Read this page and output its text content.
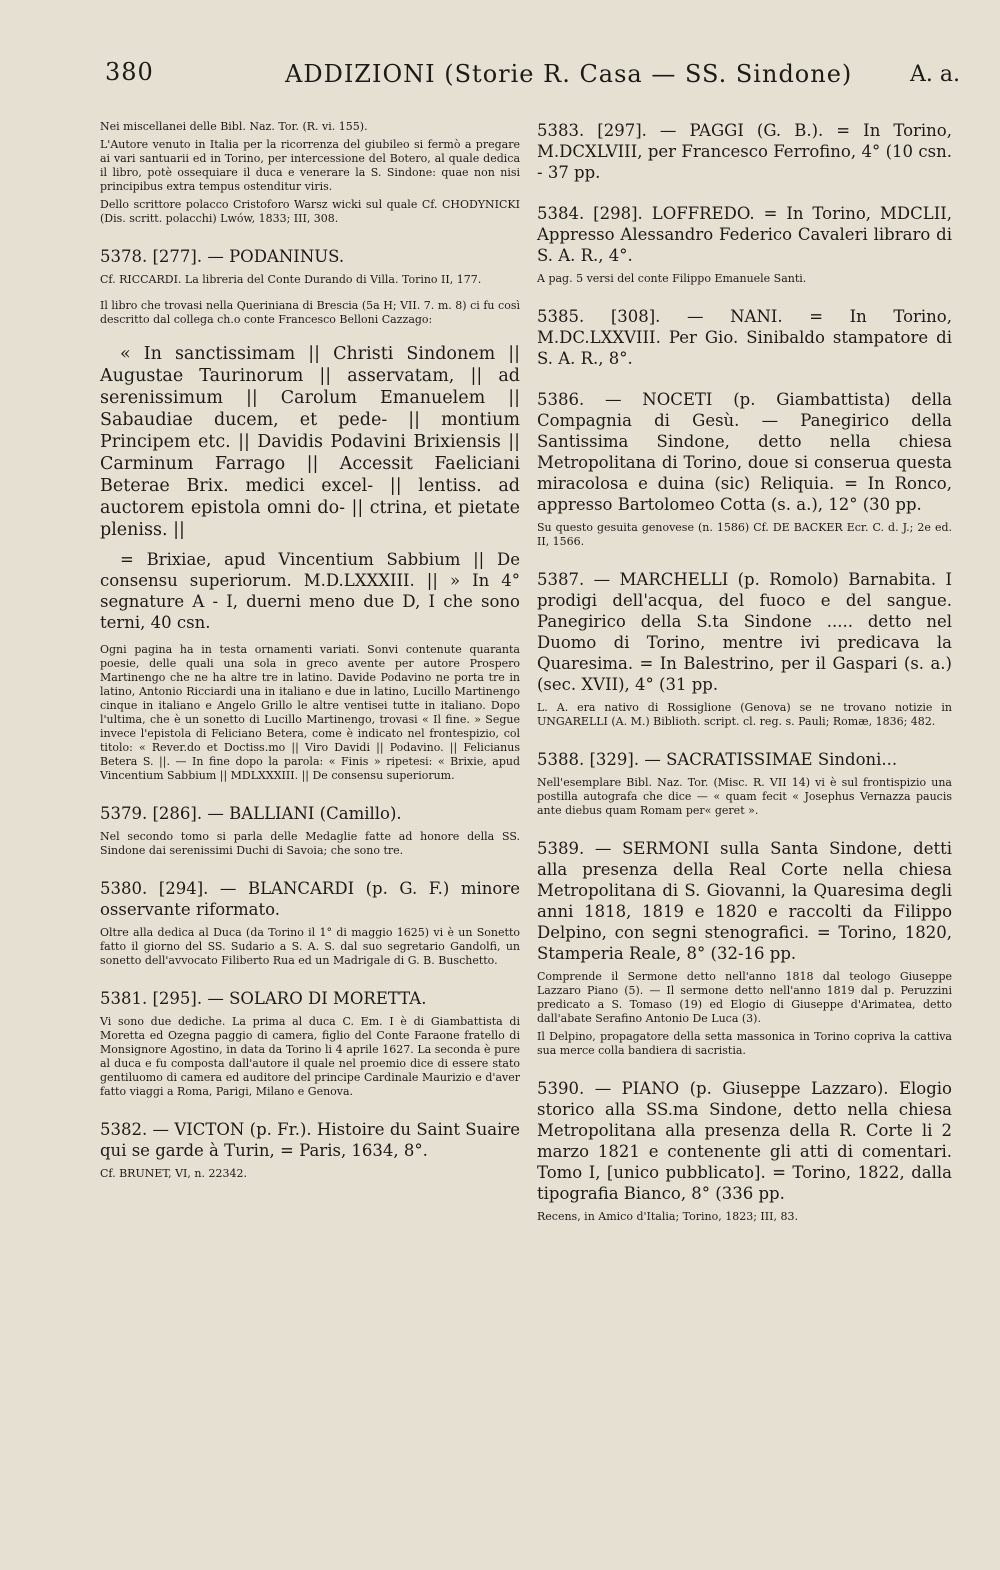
380	ADDIZIONI (Storie R. Casa — SS. Sindone)	A. a.

Nei miscellanei delle Bibl. Naz. Tor. (R. vi. 155).

L'Autore venuto in Italia per la ricorrenza del giubileo si fermò a pregare ai vari santuarii ed in Torino, per intercessione del Botero, al quale dedica il libro, potè ossequiare il duca e venerare la S. Sindone: quae non nisi principibus extra tempus ostenditur viris.

Dello scrittore polacco Cristoforo Warsz wicki sul quale Cf. CHODYNICKI (Dis. scritt. polacchi) Lwów, 1833; III, 308.

5378. [277]. — PODANINUS.

Cf. RICCARDI. La libreria del Conte Durando di Villa. Torino II, 177.

Il libro che trovasi nella Queriniana di Brescia (5a H; VII. 7. m. 8) ci fu così descritto dal collega ch.o conte Francesco Belloni Cazzago:

« In sanctissimam || Christi Sindonem || Augustae Taurinorum || asservatam, || ad serenissimum || Carolum Emanuelem || Sabaudiae ducem, et pede- || montium Principem etc. || Davidis Podavini Brixiensis || Carminum Farrago || Accessit Faeliciani Beterae Brix. medici excel- || lentiss. ad auctorem epistola omni do- || ctrina, et pietate pleniss. ||

= Brixiae, apud Vincentium Sabbium || De consensu superiorum. M.D.LXXXIII. || » In 4° segnature A - I, duerni meno due D, I che sono terni, 40 csn.

Ogni pagina ha in testa ornamenti variati. Sonvi contenute quaranta poesie, delle quali una sola in greco avente per autore Prospero Martinengo che ne ha altre tre in latino. Davide Podavino ne porta tre in latino, Antonio Ricciardi una in italiano e due in latino, Lucillo Martinengo cinque in italiano e Angelo Grillo le altre ventisei tutte in italiano. Dopo l'ultima, che è un sonetto di Lucillo Martinengo, trovasi « Il fine. » Segue invece l'epistola di Feliciano Betera, come è indicato nel frontespizio, col titolo: « Rever.do et Doctiss.mo || Viro Davidi || Podavino. || Felicianus Betera S. ||. — In fine dopo la parola: « Finis » ripetesi: « Brixie, apud Vincentium Sabbium || MDLXXXIII. || De consensu superiorum.

5379. [286]. — BALLIANI (Camillo).

Nel secondo tomo si parla delle Medaglie fatte ad honore della SS. Sindone dai serenissimi Duchi di Savoia; che sono tre.

5380. [294]. — BLANCARDI (p. G. F.) minore osservante riformato.

Oltre alla dedica al Duca (da Torino il 1° di maggio 1625) vi è un Sonetto fatto il giorno del SS. Sudario a S. A. S. dal suo segretario Gandolfi, un sonetto dell'avvocato Filiberto Rua ed un Madrigale di G. B. Buschetto.

5381. [295]. — SOLARO DI MORETTA.

Vi sono due dediche. La prima al duca C. Em. I è di Giambattista di Moretta ed Ozegna paggio di camera, figlio del Conte Faraone fratello di Monsignore Agostino, in data da Torino li 4 aprile 1627. La seconda è pure al duca e fu composta dall'autore il quale nel proemio dice di essere stato gentiluomo di camera ed auditore del principe Cardinale Maurizio e d'aver fatto viaggi a Roma, Parigi, Milano e Genova.

5382. — VICTON (p. Fr.). Histoire du Saint Suaire qui se garde à Turin, = Paris, 1634, 8°.

Cf. BRUNET, VI, n. 22342.

5383. [297]. — PAGGI (G. B.). = In Torino, M.DCXLVIII, per Francesco Ferrofino, 4° (10 csn. - 37 pp.

5384. [298]. LOFFREDO. = In Torino, MDCLII, Appresso Alessandro Federico Cavaleri libraro di S. A. R., 4°.

A pag. 5 versi del conte Filippo Emanuele Santi.

5385. [308]. — NANI. = In Torino, M.DC.LXXVIII. Per Gio. Sinibaldo stampatore di S. A. R., 8°.

5386. — NOCETI (p. Giambattista) della Compagnia di Gesù. — Panegirico della Santissima Sindone, detto nella chiesa Metropolitana di Torino, doue si conserua questa miracolosa e duina (sic) Reliquia. = In Ronco, appresso Bartolomeo Cotta (s. a.), 12° (30 pp.

Su questo gesuita genovese (n. 1586) Cf. DE BACKER Ecr. C. d. J.; 2e ed. II, 1566.

5387. — MARCHELLI (p. Romolo) Barnabita. I prodigi dell'acqua, del fuoco e del sangue. Panegirico della S.ta Sindone ..... detto nel Duomo di Torino, mentre ivi predicava la Quaresima. = In Balestrino, per il Gaspari (s. a.) (sec. XVII), 4° (31 pp.

L. A. era nativo di Rossiglione (Genova) se ne trovano notizie in UNGARELLI (A. M.) Biblioth. script. cl. reg. s. Pauli; Romæ, 1836; 482.

5388. [329]. — SACRATISSIMAE Sindoni...

Nell'esemplare Bibl. Naz. Tor. (Misc. R. VII 14) vi è sul frontispizio una postilla autografa che dice — « quam fecit « Josephus Vernazza paucis ante diebus quam Romam per« geret ».

5389. — SERMONI sulla Santa Sindone, detti alla presenza della Real Corte nella chiesa Metropolitana di S. Giovanni, la Quaresima degli anni 1818, 1819 e 1820 e raccolti da Filippo Delpino, con segni stenografici. = Torino, 1820, Stamperia Reale, 8° (32-16 pp.

Comprende il Sermone detto nell'anno 1818 dal teologo Giuseppe Lazzaro Piano (5). — Il sermone detto nell'anno 1819 dal p. Peruzzini predicato a S. Tomaso (19) ed Elogio di Giuseppe d'Arimatea, detto dall'abate Serafino Antonio De Luca (3).

Il Delpino, propagatore della setta massonica in Torino copriva la cattiva sua merce colla bandiera di sacristia.

5390. — PIANO (p. Giuseppe Lazzaro). Elogio storico alla SS.ma Sindone, detto nella chiesa Metropolitana alla presenza della R. Corte li 2 marzo 1821 e contenente gli atti di comentari. Tomo I, [unico pubblicato]. = Torino, 1822, dalla tipografia Bianco, 8° (336 pp.

Recens, in Amico d'Italia; Torino, 1823; III, 83.
